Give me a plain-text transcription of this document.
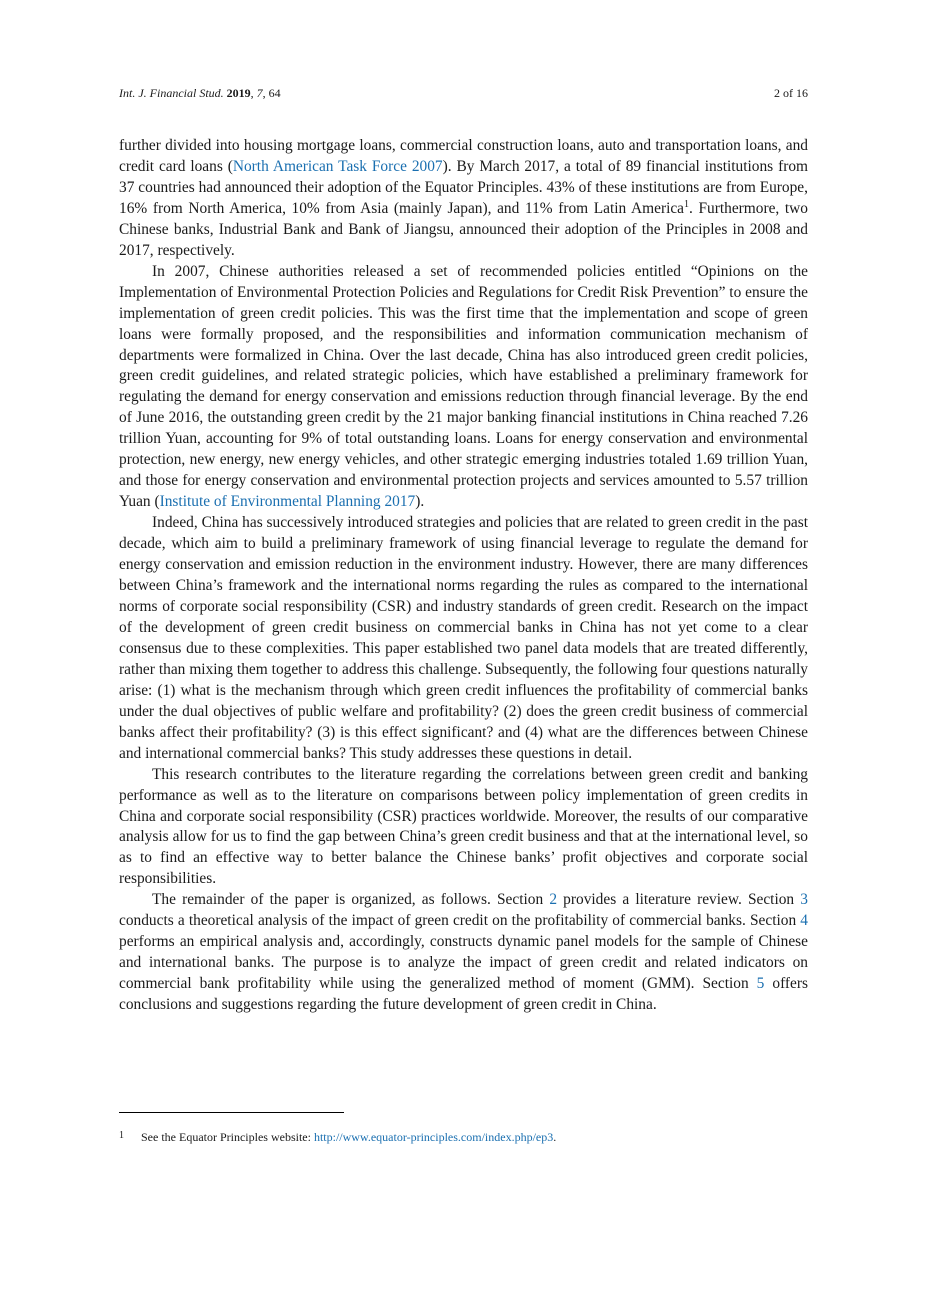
Int. J. Financial Stud. 2019, 7, 64	2 of 16

further divided into housing mortgage loans, commercial construction loans, auto and transportation loans, and credit card loans (North American Task Force 2007). By March 2017, a total of 89 financial institutions from 37 countries had announced their adoption of the Equator Principles. 43% of these institutions are from Europe, 16% from North America, 10% from Asia (mainly Japan), and 11% from Latin America$^1$. Furthermore, two Chinese banks, Industrial Bank and Bank of Jiangsu, announced their adoption of the Principles in 2008 and 2017, respectively.

In 2007, Chinese authorities released a set of recommended policies entitled “Opinions on the Implementation of Environmental Protection Policies and Regulations for Credit Risk Prevention” to ensure the implementation of green credit policies. This was the first time that the implementation and scope of green loans were formally proposed, and the responsibilities and information communication mechanism of departments were formalized in China. Over the last decade, China has also introduced green credit policies, green credit guidelines, and related strategic policies, which have established a preliminary framework for regulating the demand for energy conservation and emissions reduction through financial leverage. By the end of June 2016, the outstanding green credit by the 21 major banking financial institutions in China reached 7.26 trillion Yuan, accounting for 9% of total outstanding loans. Loans for energy conservation and environmental protection, new energy, new energy vehicles, and other strategic emerging industries totaled 1.69 trillion Yuan, and those for energy conservation and environmental protection projects and services amounted to 5.57 trillion Yuan (Institute of Environmental Planning 2017).

Indeed, China has successively introduced strategies and policies that are related to green credit in the past decade, which aim to build a preliminary framework of using financial leverage to regulate the demand for energy conservation and emission reduction in the environment industry. However, there are many differences between China’s framework and the international norms regarding the rules as compared to the international norms of corporate social responsibility (CSR) and industry standards of green credit. Research on the impact of the development of green credit business on commercial banks in China has not yet come to a clear consensus due to these complexities. This paper established two panel data models that are treated differently, rather than mixing them together to address this challenge. Subsequently, the following four questions naturally arise: (1) what is the mechanism through which green credit influences the profitability of commercial banks under the dual objectives of public welfare and profitability? (2) does the green credit business of commercial banks affect their profitability? (3) is this effect significant? and (4) what are the differences between Chinese and international commercial banks? This study addresses these questions in detail.

This research contributes to the literature regarding the correlations between green credit and banking performance as well as to the literature on comparisons between policy implementation of green credits in China and corporate social responsibility (CSR) practices worldwide. Moreover, the results of our comparative analysis allow for us to find the gap between China’s green credit business and that at the international level, so as to find an effective way to better balance the Chinese banks’ profit objectives and corporate social responsibilities.

The remainder of the paper is organized, as follows. Section 2 provides a literature review. Section 3 conducts a theoretical analysis of the impact of green credit on the profitability of commercial banks. Section 4 performs an empirical analysis and, accordingly, constructs dynamic panel models for the sample of Chinese and international banks. The purpose is to analyze the impact of green credit and related indicators on commercial bank profitability while using the generalized method of moment (GMM). Section 5 offers conclusions and suggestions regarding the future development of green credit in China.

1 See the Equator Principles website: http://www.equator-principles.com/index.php/ep3.
